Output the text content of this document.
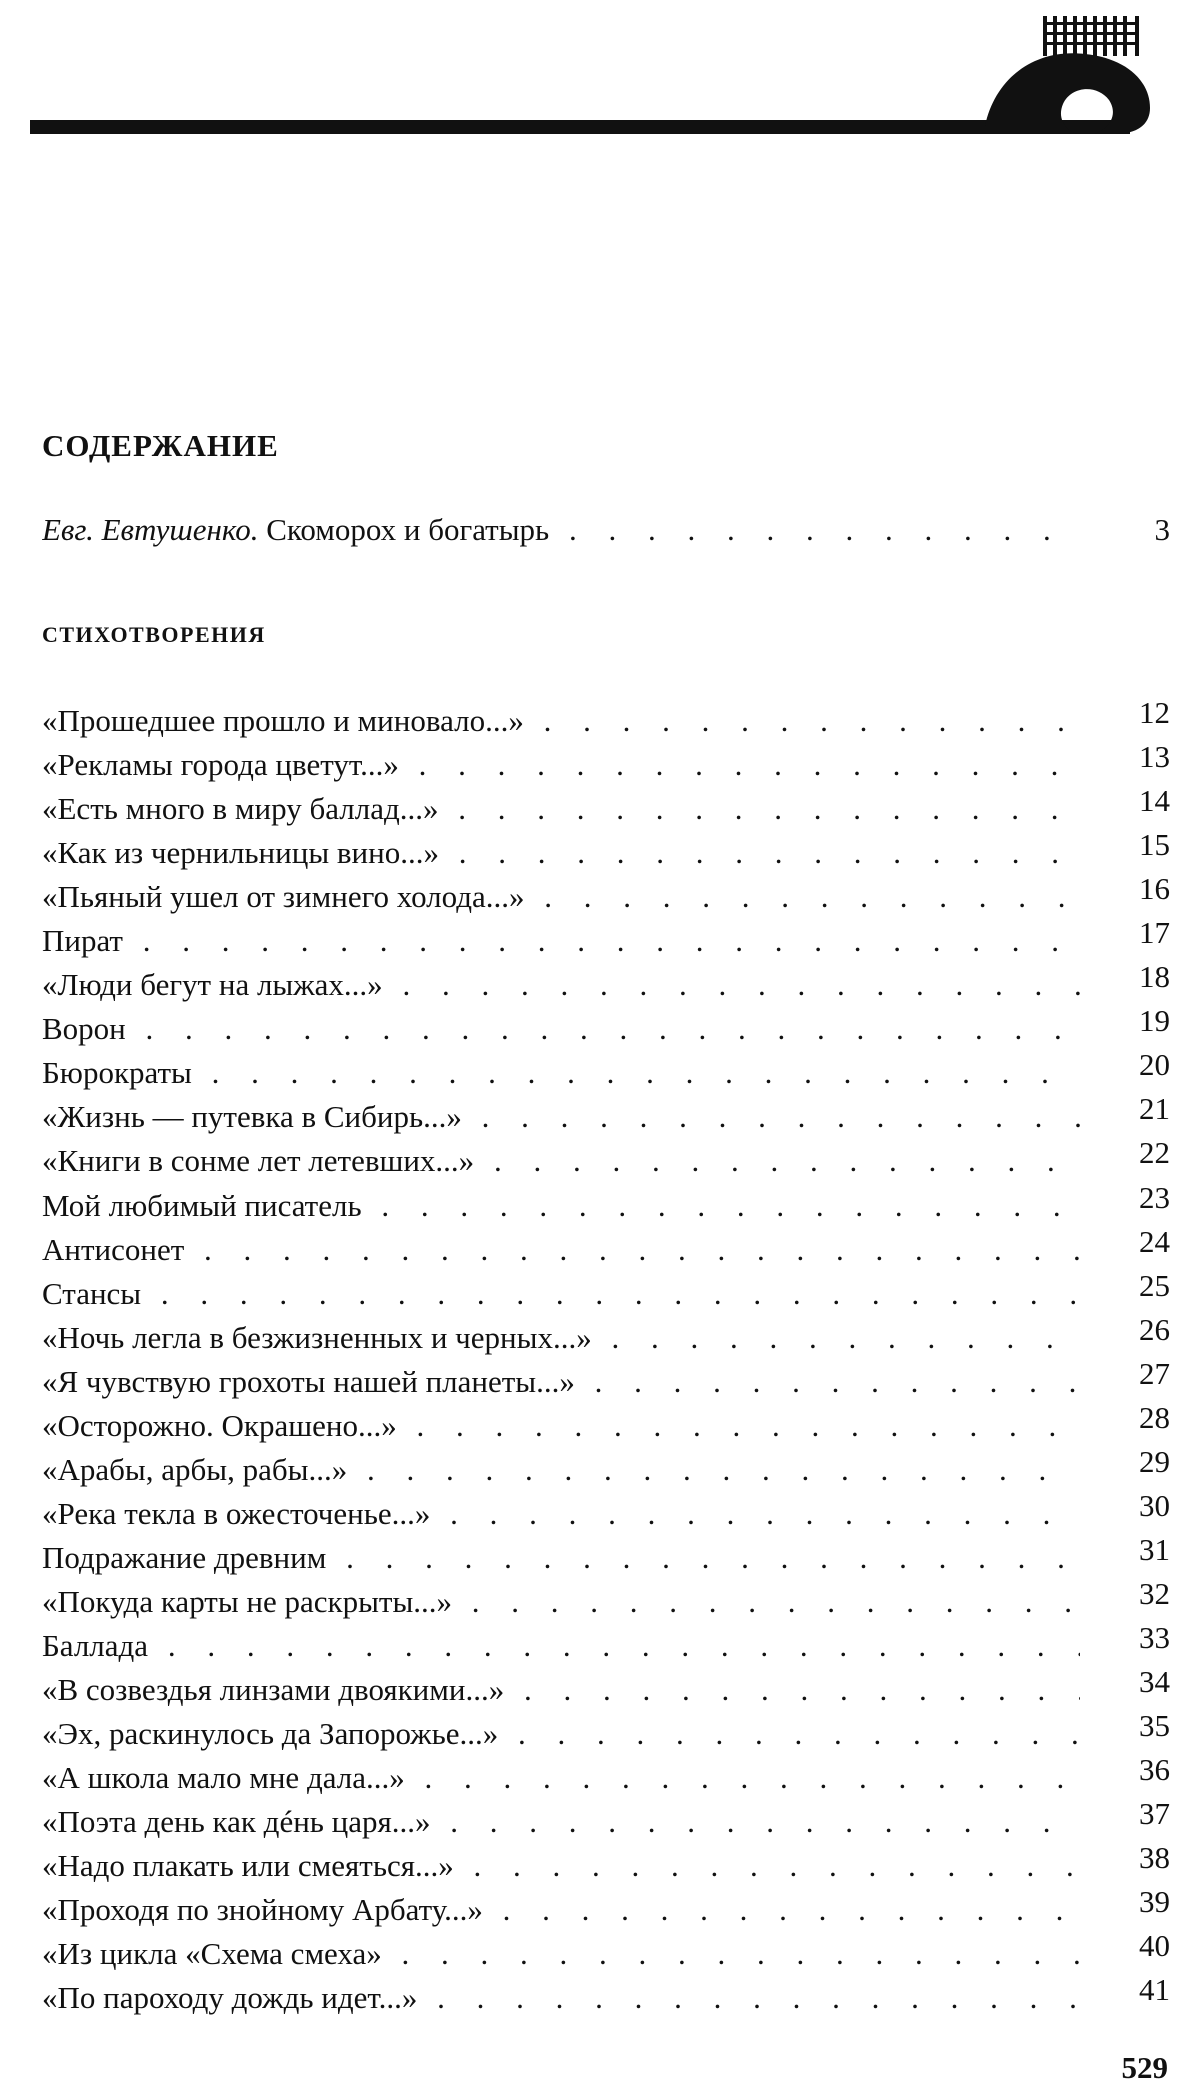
СОДЕРЖАНИЕ
Евг. Евтушенко. Скоморох и богатырь . . .	3
СТИХОТВОРЕНИЯ
«Прошедшее прошло и миновало...» . . .	12
«Рекламы города цветут...» . . .	13
«Есть много в миру баллад...» . . .	14
«Как из чернильницы вино...» . . .	15
«Пьяный ушел от зимнего холода...» . . .	16
Пират . . .	17
«Люди бегут на лыжах...» . . .	18
Ворон . . .	19
Бюрократы . . .	20
«Жизнь — путевка в Сибирь...» . . .	21
«Книги в сонме лет летевших...» . . .	22
Мой любимый писатель . . .	23
Антисонет . . .	24
Стансы . . .	25
«Ночь легла в безжизненных и черных...» . . .	26
«Я чувствую грохоты нашей планеты...» . . .	27
«Осторожно. Окрашено...» . . .	28
«Арабы, арбы, рабы...» . . .	29
«Река текла в ожесточенье...» . . .	30
Подражание древним . . .	31
«Покуда карты не раскрыты...» . . .	32
Баллада . . .	33
«В созвездья линзами двоякими...» . . .	34
«Эх, раскинулось да Запорожье...» . . .	35
«А школа мало мне дала...» . . .	36
«Поэта день как дéнь царя...» . . .	37
«Надо плакать или смеяться...» . . .	38
«Проходя по знойному Арбату...» . . .	39
«Из цикла «Схема смеха» . . .	40
«По пароходу дождь идет...» . . .	41
529
